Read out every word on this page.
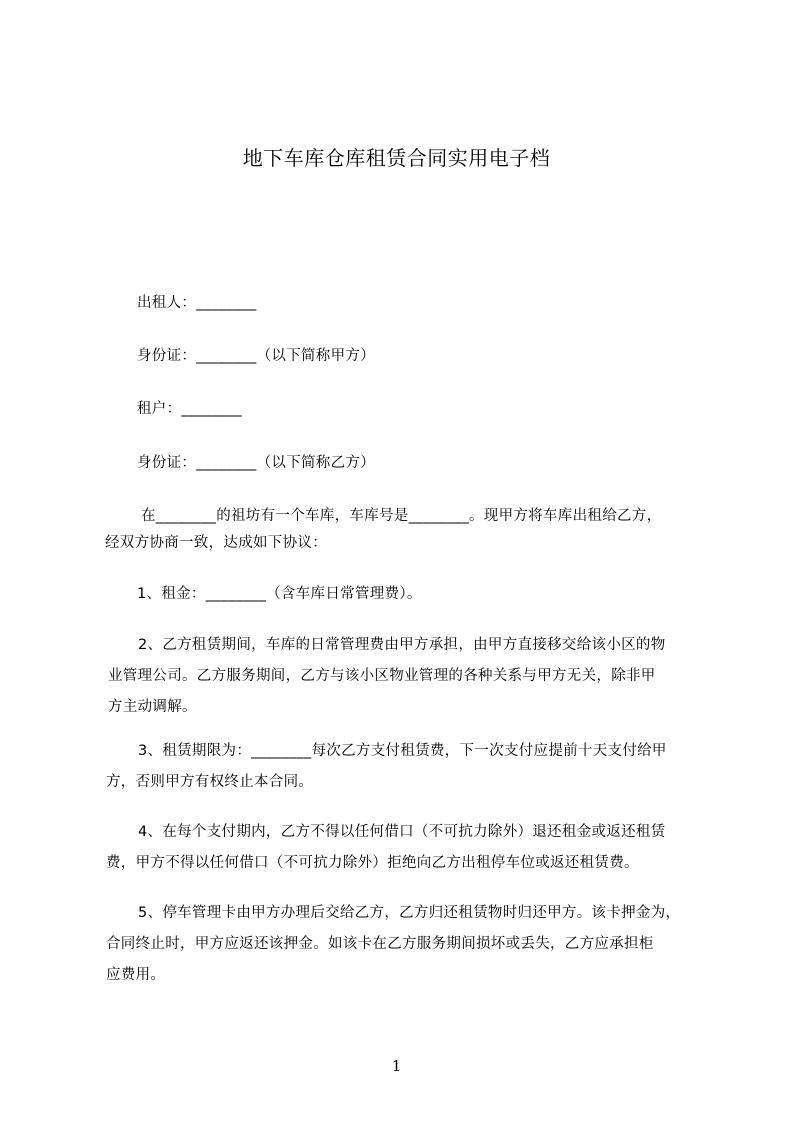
地下车库仓库租赁合同实用电子档
出租人：________
身份证：________（以下简称甲方）
租户：________
身份证：________（以下简称乙方）
在________的祖坊有一个车库，车库号是________。现甲方将车库出租给乙方，
经双方协商一致，达成如下协议：
1、租金：________（含车库日常管理费）。
2、乙方租赁期间，车库的日常管理费由甲方承担，由甲方直接移交给该小区的物
业管理公司。乙方服务期间，乙方与该小区物业管理的各种关系与甲方无关，除非甲
方主动调解。
3、租赁期限为：________每次乙方支付租赁费，下一次支付应提前十天支付给甲
方，否则甲方有权终止本合同。
4、在每个支付期内，乙方不得以任何借口（不可抗力除外）退还租金或返还租赁
费，甲方不得以任何借口（不可抗力除外）拒绝向乙方出租停车位或返还租赁费。
5、停车管理卡由甲方办理后交给乙方，乙方归还租赁物时归还甲方。该卡押金为，
合同终止时，甲方应返还该押金。如该卡在乙方服务期间损坏或丢失，乙方应承担柜
应费用。
1
